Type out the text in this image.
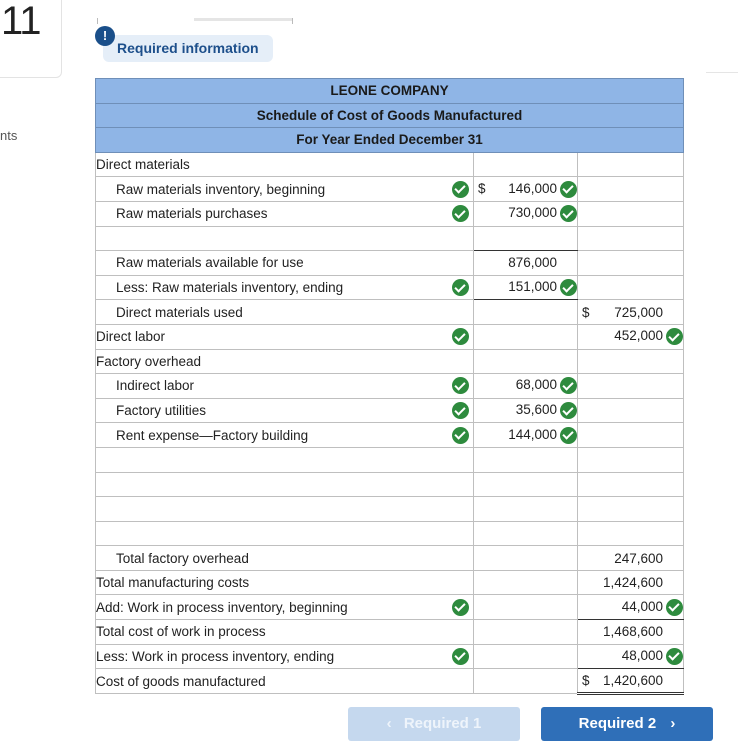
11
nts
!
Required information
LEONE COMPANY			
Schedule of Cost of Goods Manufactured			
For Year Ended December 31			
Direct materials			
Raw materials inventory, beginning		$ 146,000	
Raw materials purchases		730,000	

Raw materials available for use		876,000	
Less: Raw materials inventory, ending		151,000	
Direct materials used			$ 725,000
Direct labor			452,000
Factory overhead			
Indirect labor		68,000	
Factory utilities		35,600	
Rent expense—Factory building		144,000	

Total factory overhead			247,600
Total manufacturing costs			1,424,600
Add: Work in process inventory, beginning			44,000
Total cost of work in process			1,468,600
Less: Work in process inventory, ending			48,000
Cost of goods manufactured			$ 1,420,600
‹ Required 1	Required 2 ›
